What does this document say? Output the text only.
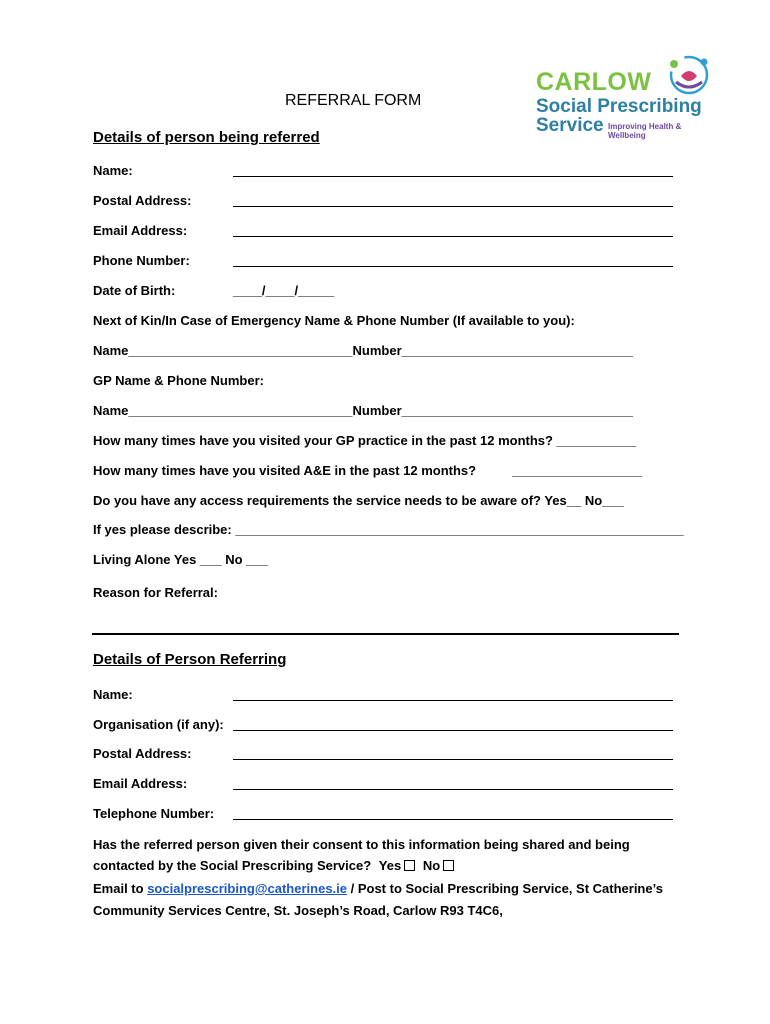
CARLOW
Social Prescribing
Service Improving Health & Wellbeing
REFERRAL FORM
Details of person being referred
Name:
Postal Address:
Email Address:
Phone Number:
Date of Birth:	____/____/_____
Next of Kin/In Case of Emergency Name & Phone Number (If available to you):
Name_______________________________Number________________________________
GP Name & Phone Number:
Name_______________________________Number________________________________
How many times have you visited your GP practice in the past 12 months? ___________
How many times have you visited A&E in the past 12 months?	__________________
Do you have any access requirements the service needs to be aware of? Yes__ No___
If yes please describe: ______________________________________________________________
Living Alone Yes ___ No ___
Reason for Referral:
Details of Person Referring
Name:
Organisation (if any):
Postal Address:
Email Address:
Telephone Number:
Has the referred person given their consent to this information being shared and being
contacted by the Social Prescribing Service? Yes No
Email to socialprescribing@catherines.ie / Post to Social Prescribing Service, St Catherine’s
Community Services Centre, St. Joseph’s Road, Carlow R93 T4C6,
